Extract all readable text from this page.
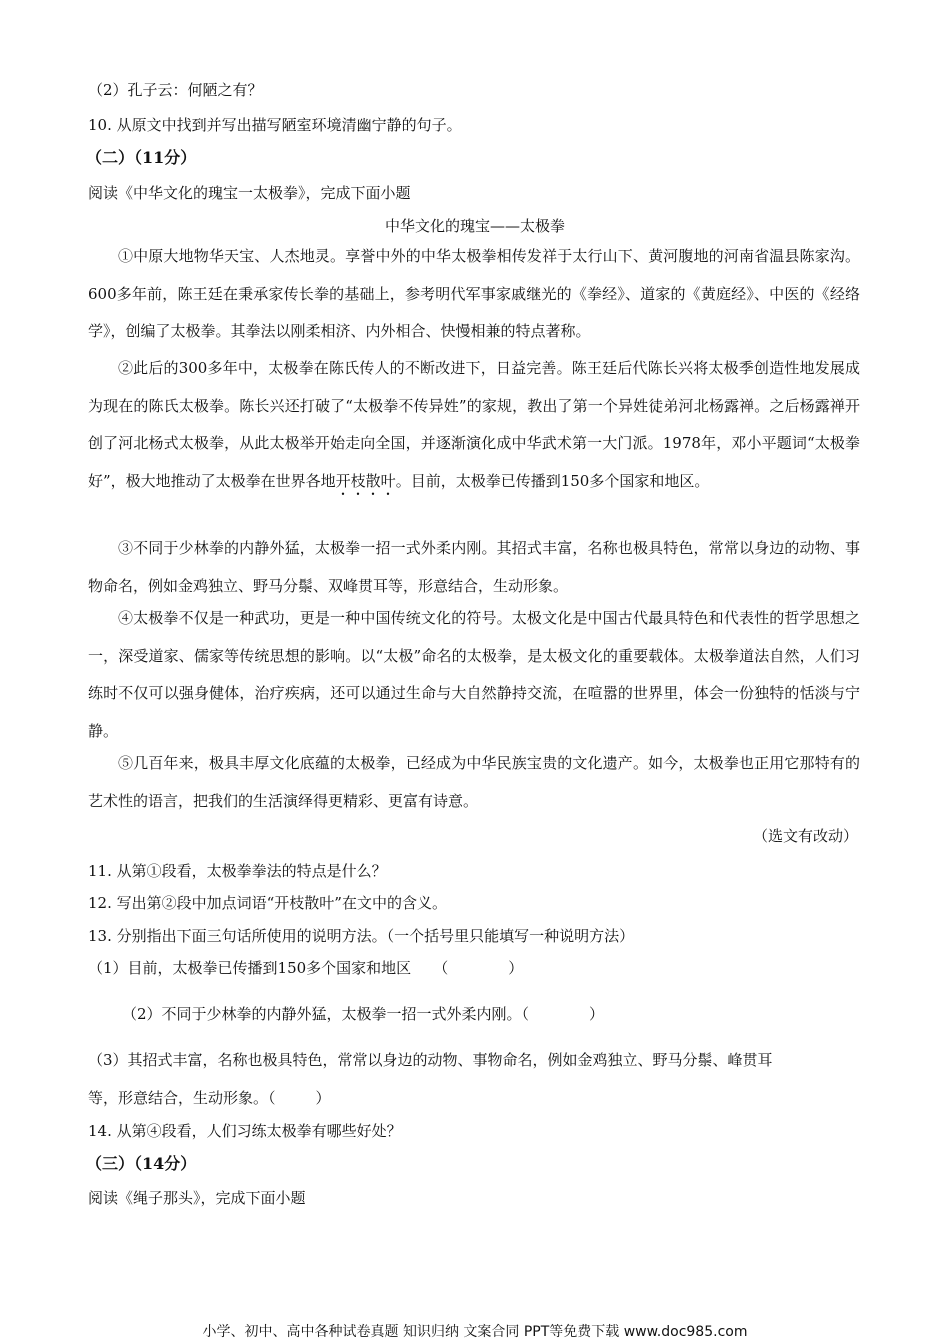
（2）孔子云：何陋之有？
10. 从原文中找到并写出描写陋室环境清幽宁静的句子。
（二）（11分）
阅读《中华文化的瑰宝一太极拳》，完成下面小题
中华文化的瑰宝——太极拳
①中原大地物华天宝、人杰地灵。享誉中外的中华太极拳相传发祥于太行山下、黄河腹地的河南省温县陈家沟。600多年前，陈王廷在秉承家传长拳的基础上，参考明代军事家戚继光的《拳经》、道家的《黄庭经》、中医的《经络学》，创编了太极拳。其拳法以刚柔相济、内外相合、快慢相兼的特点著称。
②此后的300多年中，太极拳在陈氏传人的不断改进下，日益完善。陈王廷后代陈长兴将太极季创造性地发展成为现在的陈氏太极拳。陈长兴还打破了“太极拳不传异姓”的家规，教出了第一个异姓徒弟河北杨露禅。之后杨露禅开创了河北杨式太极拳，从此太极举开始走向全国，并逐渐演化成中华武术第一大门派。1978年，邓小平题词“太极拳好”，极大地推动了太极拳在世界各地开枝散叶。目前，太极拳已传播到150多个国家和地区。
③不同于少林拳的内静外猛，太极拳一招一式外柔内刚。其招式丰富，名称也极具特色，常常以身边的动物、事物命名，例如金鸡独立、野马分鬃、双峰贯耳等，形意结合，生动形象。
④太极拳不仅是一种武功，更是一种中国传统文化的符号。太极文化是中国古代最具特色和代表性的哲学思想之一，深受道家、儒家等传统思想的影响。以“太极”命名的太极拳，是太极文化的重要载体。太极拳道法自然，人们习练时不仅可以强身健体，治疗疾病，还可以通过生命与大自然静持交流，在喧嚣的世界里，体会一份独特的恬淡与宁静。
⑤几百年来，极具丰厚文化底蕴的太极拳，已经成为中华民族宝贵的文化遗产。如今，太极拳也正用它那特有的艺术性的语言，把我们的生活演绎得更精彩、更富有诗意。
（选文有改动）
11. 从第①段看，太极拳拳法的特点是什么？
12. 写出第②段中加点词语“开枝散叶”在文中的含义。
13. 分别指出下面三句话所使用的说明方法。（一个括号里只能填写一种说明方法）
（1）目前，太极拳已传播到150多个国家和地区 （	）
（2）不同于少林拳的内静外猛，太极拳一招一式外柔内刚。（	）
（3）其招式丰富，名称也极具特色，常常以身边的动物、事物命名，例如金鸡独立、野马分鬃、峰贯耳
等，形意结合，生动形象。（	）
14. 从第④段看，人们习练太极拳有哪些好处？
（三）（14分）
阅读《绳子那头》，完成下面小题
小学、初中、高中各种试卷真题 知识归纳 文案合同 PPT等免费下载 www.doc985.com
